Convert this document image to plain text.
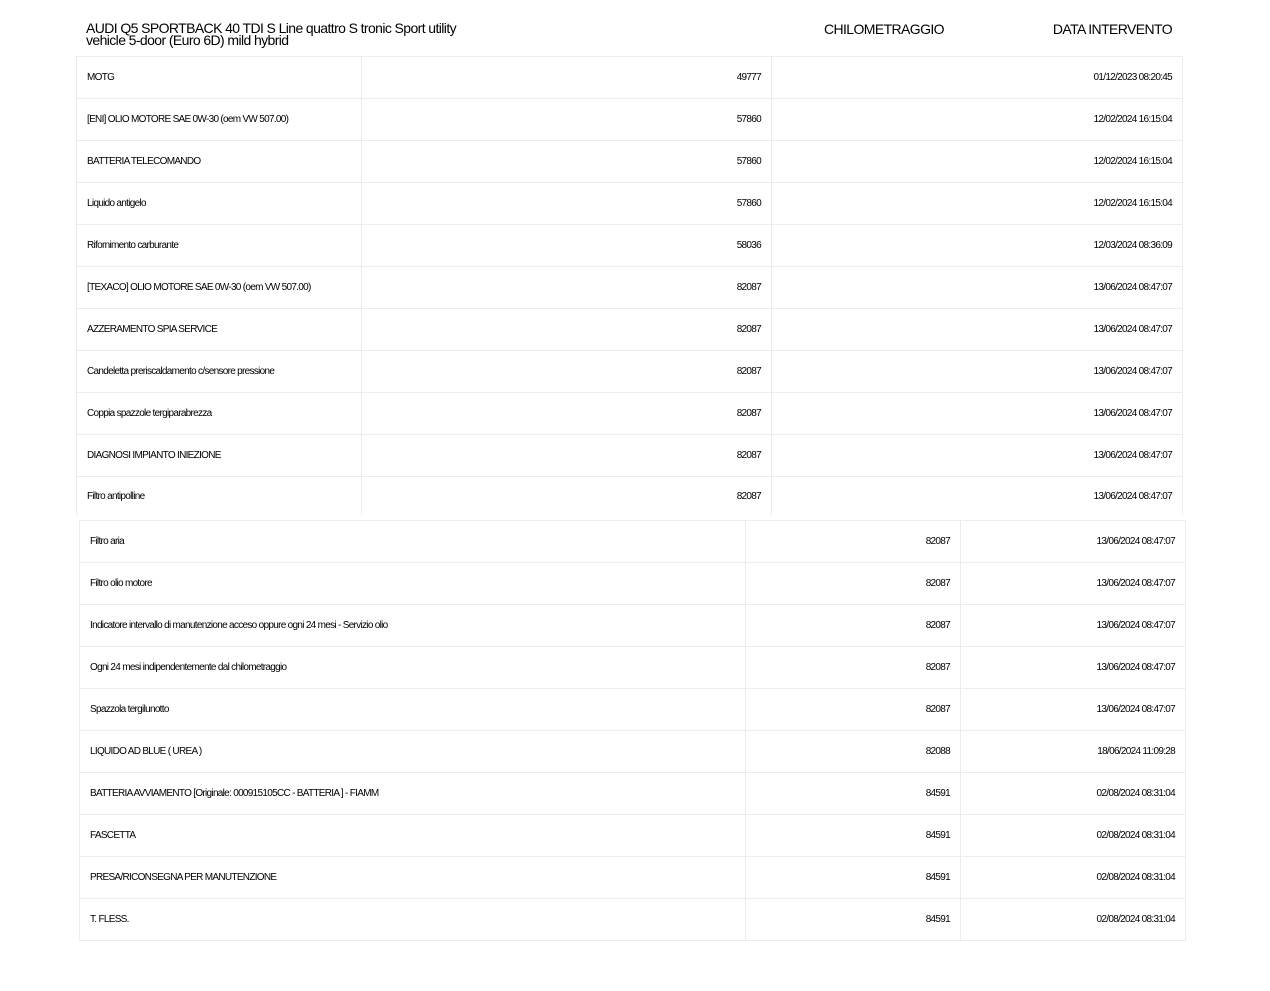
AUDI Q5 SPORTBACK 40 TDI S Line quattro S tronic Sport utility
vehicle 5-door (Euro 6D) mild hybrid
CHILOMETRAGGIO	DATA INTERVENTO
MOTG	49777	01/12/2023 08:20:45
[ENI] OLIO MOTORE SAE 0W-30 (oem VW 507.00)	57860	12/02/2024 16:15:04
BATTERIA TELECOMANDO	57860	12/02/2024 16:15:04
Liquido antigelo	57860	12/02/2024 16:15:04
Rifornimento carburante	58036	12/03/2024 08:36:09
[TEXACO] OLIO MOTORE SAE 0W-30 (oem VW 507.00)	82087	13/06/2024 08:47:07
AZZERAMENTO SPIA SERVICE	82087	13/06/2024 08:47:07
Candeletta preriscaldamento c/sensore pressione	82087	13/06/2024 08:47:07
Coppia spazzole tergiparabrezza	82087	13/06/2024 08:47:07
DIAGNOSI IMPIANTO INIEZIONE	82087	13/06/2024 08:47:07
Filtro antipolline	82087	13/06/2024 08:47:07
Filtro aria	82087	13/06/2024 08:47:07
Filtro olio motore	82087	13/06/2024 08:47:07
Indicatore intervallo di manutenzione acceso oppure ogni 24 mesi - Servizio olio	82087	13/06/2024 08:47:07
Ogni 24 mesi indipendentemente dal chilometraggio	82087	13/06/2024 08:47:07
Spazzola tergilunotto	82087	13/06/2024 08:47:07
LIQUIDO AD BLUE ( UREA )	82088	18/06/2024 11:09:28
BATTERIA AVVIAMENTO [Originale: 000915105CC - BATTERIA ] - FIAMM	84591	02/08/2024 08:31:04
FASCETTA	84591	02/08/2024 08:31:04
PRESA/RICONSEGNA PER MANUTENZIONE	84591	02/08/2024 08:31:04
T. FLESS.	84591	02/08/2024 08:31:04
